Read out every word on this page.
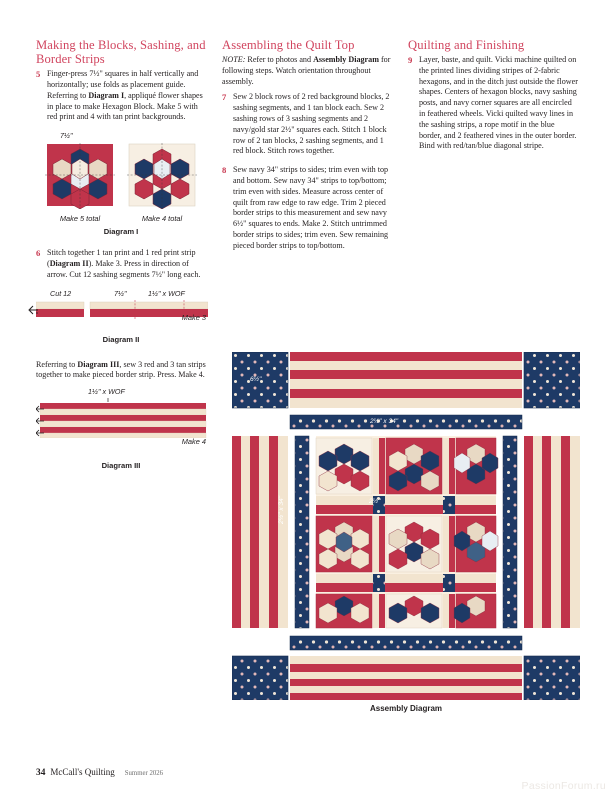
Making the Blocks, Sashing, and Border Strips
5 Finger-press 7½" squares in half vertically and horizontally; use folds as placement guide. Referring to Diagram I, appliqué flower shapes in place to make Hexagon Block. Make 5 with red print and 4 with tan print backgrounds.
7½"
Make 5 total	Make 4 total
Diagram I
6 Stitch together 1 tan print and 1 red print strip (Diagram II). Make 3. Press in direction of arrow. Cut 12 sashing segments 7½" long each.
Cut 12	7½"	1½" x WOF
Make 3
Diagram II
Referring to Diagram III, sew 3 red and 3 tan strips together to make pieced border strip. Press. Make 4.
1½" x WOF
Make 4
Diagram III
Assembling the Quilt Top
NOTE: Refer to photos and Assembly Diagram for following steps. Watch orientation throughout assembly.
7 Sew 2 block rows of 2 red background blocks, 2 sashing segments, and 1 tan block each. Sew 2 sashing rows of 3 sashing segments and 2 navy/gold star 2½" squares each. Stitch 1 block row of 2 tan blocks, 2 sashing segments, and 1 red block. Stitch rows together.
8 Sew navy 34" strips to sides; trim even with top and bottom. Sew navy 34" strips to top/bottom; trim even with sides. Measure across center of quilt from raw edge to raw edge. Trim 2 pieced border strips to this measurement and sew navy 6½" squares to ends. Make 2. Stitch untrimmed border strips to sides; trim even. Sew remaining pieced border strips to top/bottom.
Quilting and Finishing
9 Layer, baste, and quilt. Vicki machine quilted on the printed lines dividing stripes of 2-fabric hexagons, and in the ditch just outside the flower shapes. Centers of hexagon blocks, navy sashing posts, and navy corner squares are all encircled in feathered wheels. Vicki quilted wavy lines in the sashing strips, a rope motif in the blue border, and 2 feathered vines in the outer border. Bind with red/tan/blue diagonal stripe.
6½"
2½" x 34"
2½" x 34"	2½"
Assembly Diagram
34 McCall's Quilting Summer 2026
PassionForum.ru
